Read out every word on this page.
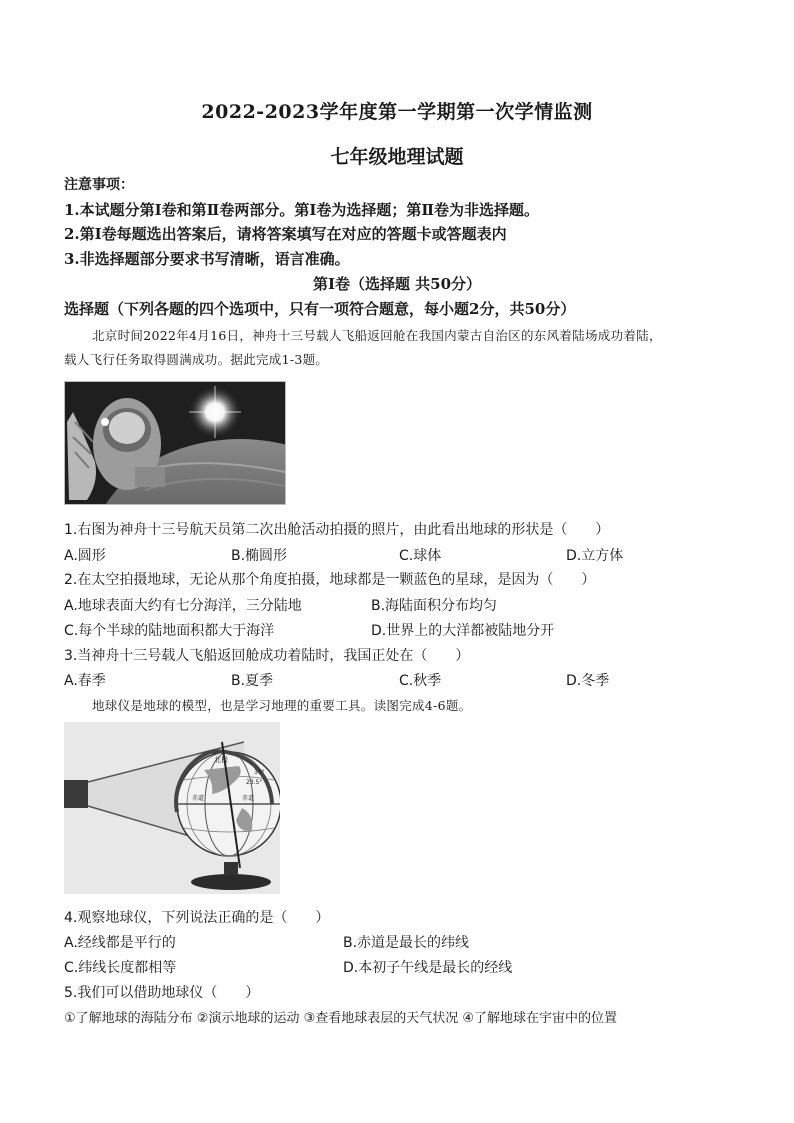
2022-2023学年度第一学期第一次学情监测
七年级地理试题
注意事项：
1.本试题分第Ⅰ卷和第Ⅱ卷两部分。第Ⅰ卷为选择题；第Ⅱ卷为非选择题。
2.第Ⅰ卷每题选出答案后，请将答案填写在对应的答题卡或答题表内
3.非选择题部分要求书写清晰，语言准确。
第Ⅰ卷（选择题 共50分）
选择题（下列各题的四个选项中，只有一项符合题意，每小题2分，共50分）
北京时间2022年4月16日，神舟十三号载人飞船返回舱在我国内蒙古自治区的东风着陆场成功着陆，
载人飞行任务取得圆满成功。据此完成1-3题。
1.右图为神舟十三号航天员第二次出舱活动拍摄的照片，由此看出地球的形状是（　　）
A.圆形	B.椭圆形	C.球体	D.立方体
2.在太空拍摄地球，无论从那个角度拍摄，地球都是一颗蓝色的星球，是因为（　　）
A.地球表面大约有七分海洋，三分陆地	B.海陆面积分布均匀
C.每个半球的陆地面积都大于海洋	D.世界上的大洋都被陆地分开
3.当神舟十三号载人飞船返回舱成功着陆时，我国正处在（　　）
A.春季	B.夏季	C.秋季	D.冬季
地球仪是地球的模型，也是学习地理的重要工具。读图完成4-6题。
北极
赤道	赤道
23.5°
30°
4.观察地球仪，下列说法正确的是（　　）
A.经线都是平行的	B.赤道是最长的纬线
C.纬线长度都相等	D.本初子午线是最长的经线
5.我们可以借助地球仪（　　）
①了解地球的海陆分布 ②演示地球的运动 ③查看地球表层的天气状况 ④了解地球在宇宙中的位置
